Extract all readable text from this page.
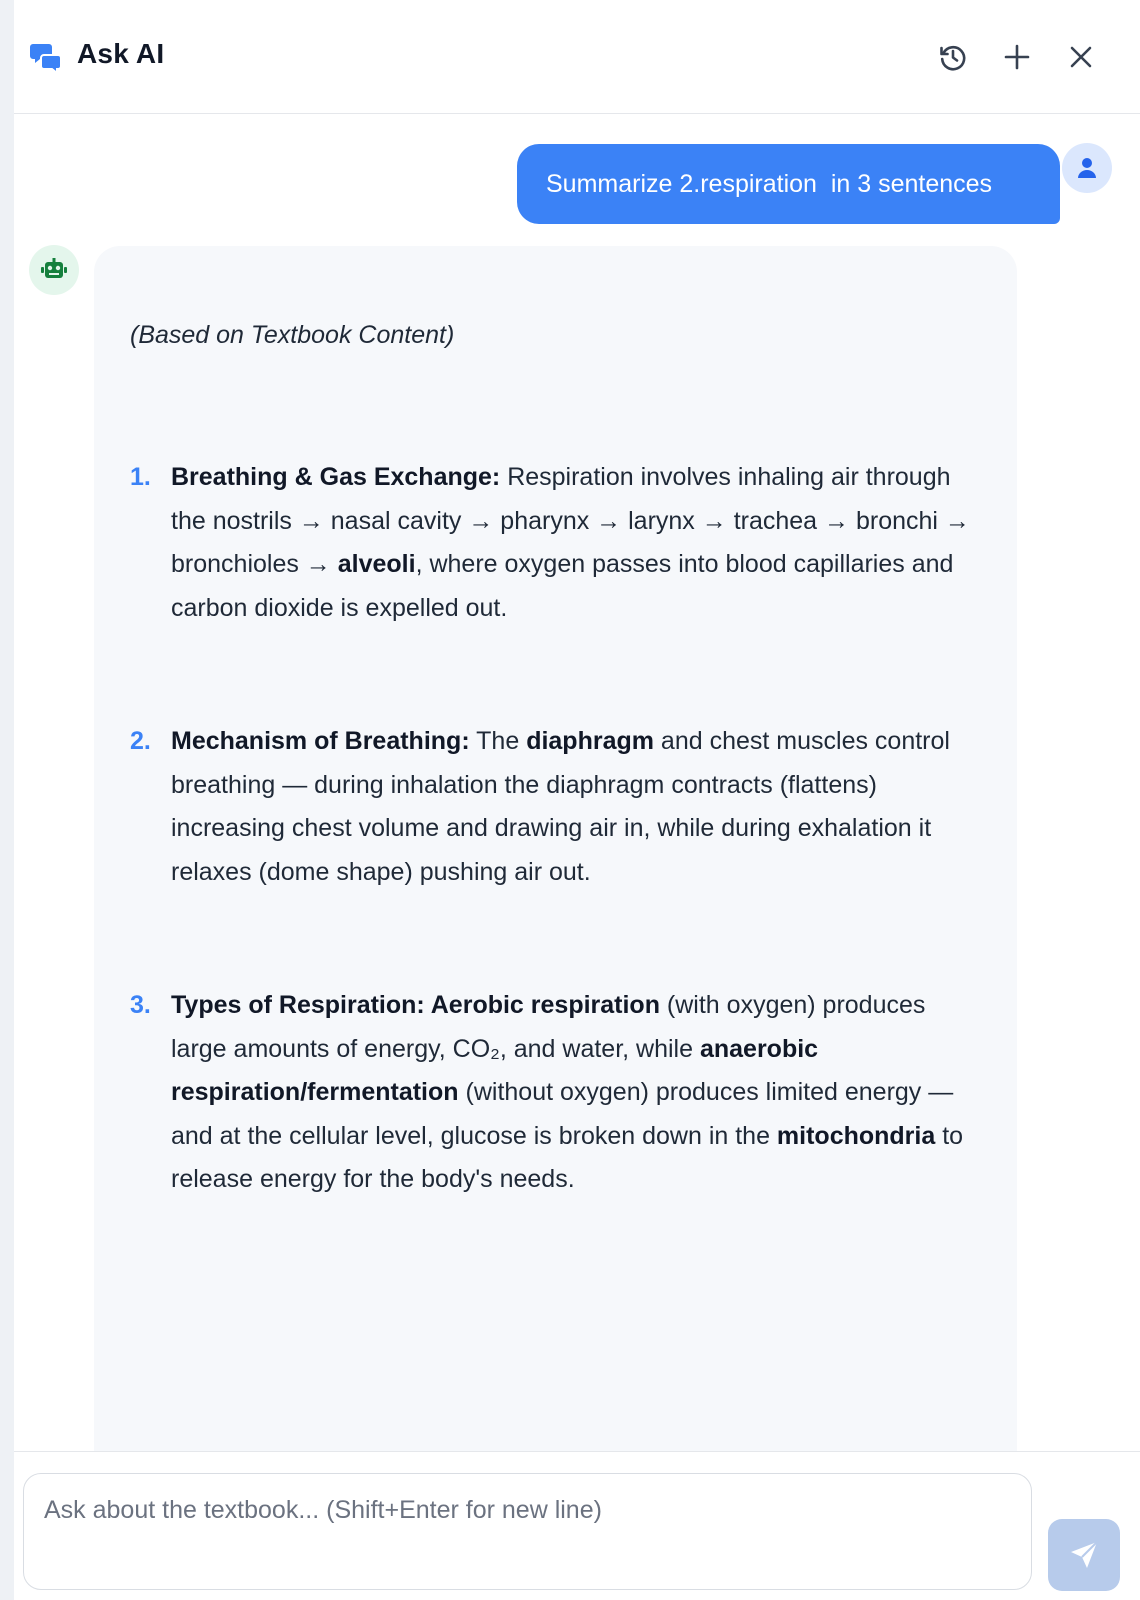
Ask AI
Summarize 2.respiration  in 3 sentences
(Based on Textbook Content)
1. Breathing & Gas Exchange: Respiration involves inhaling air through the nostrils → nasal cavity → pharynx → larynx → trachea → bronchi → bronchioles → alveoli, where oxygen passes into blood capillaries and carbon dioxide is expelled out.
2. Mechanism of Breathing: The diaphragm and chest muscles control breathing — during inhalation the diaphragm contracts (flattens) increasing chest volume and drawing air in, while during exhalation it relaxes (dome shape) pushing air out.
3. Types of Respiration: Aerobic respiration (with oxygen) produces large amounts of energy, CO₂, and water, while anaerobic respiration/fermentation (without oxygen) produces limited energy — and at the cellular level, glucose is broken down in the mitochondria to release energy for the body's needs.
Ask about the textbook... (Shift+Enter for new line)
